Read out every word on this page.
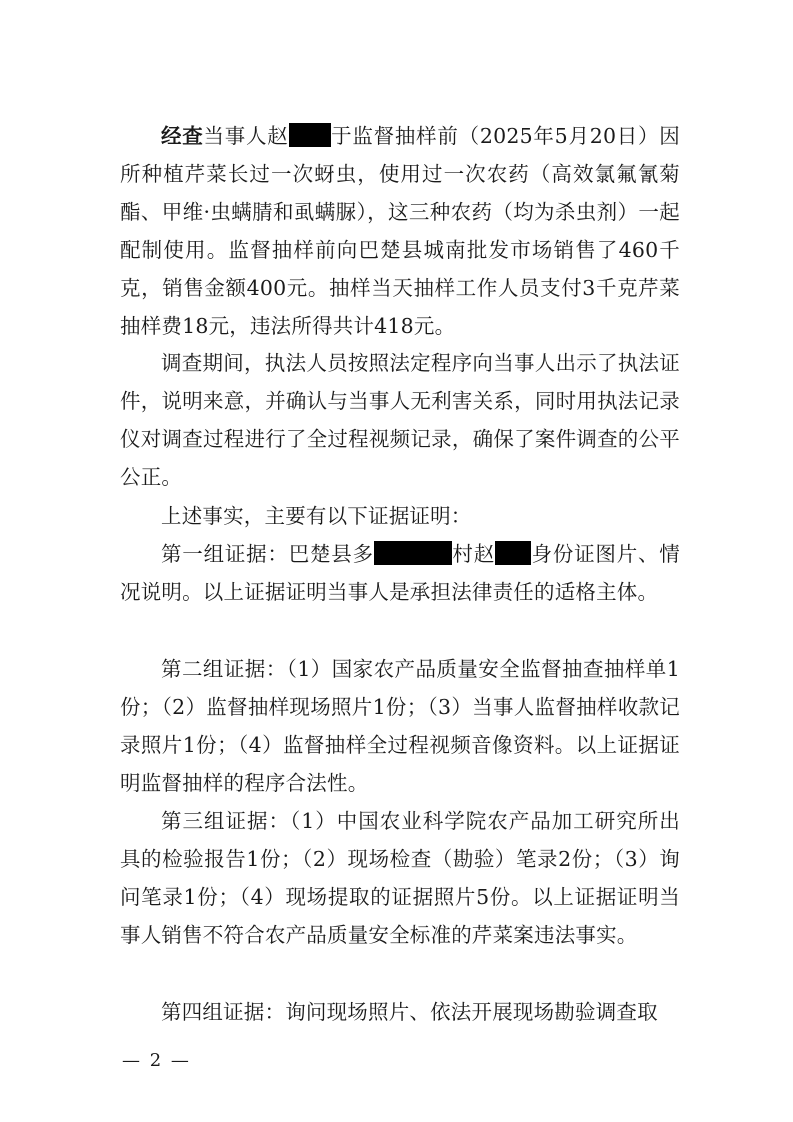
经查当事人赵 于监督抽样前（2025年5月20日）因所种植芹菜长过一次蚜虫，使用过一次农药（高效氯氟氰菊酯、甲维·虫螨腈和虱螨脲），这三种农药（均为杀虫剂）一起配制使用。监督抽样前向巴楚县城南批发市场销售了460千克，销售金额400元。抽样当天抽样工作人员支付3千克芹菜抽样费18元，违法所得共计418元。

调查期间，执法人员按照法定程序向当事人出示了执法证件，说明来意，并确认与当事人无利害关系，同时用执法记录仪对调查过程进行了全过程视频记录，确保了案件调查的公平公正。

上述事实，主要有以下证据证明：

第一组证据：巴楚县多	村赵 身份证图片、情况说明。以上证据证明当事人是承担法律责任的适格主体。

第二组证据：（1）国家农产品质量安全监督抽查抽样单1份；（2）监督抽样现场照片1份；（3）当事人监督抽样收款记录照片1份；（4）监督抽样全过程视频音像资料。以上证据证明监督抽样的程序合法性。

第三组证据：（1）中国农业科学院农产品加工研究所出具的检验报告1份；（2）现场检查（勘验）笔录2份；（3）询问笔录1份；（4）现场提取的证据照片5份。以上证据证明当事人销售不符合农产品质量安全标准的芹菜案违法事实。

第四组证据：询问现场照片、依法开展现场勘验调查取

— 2 —
